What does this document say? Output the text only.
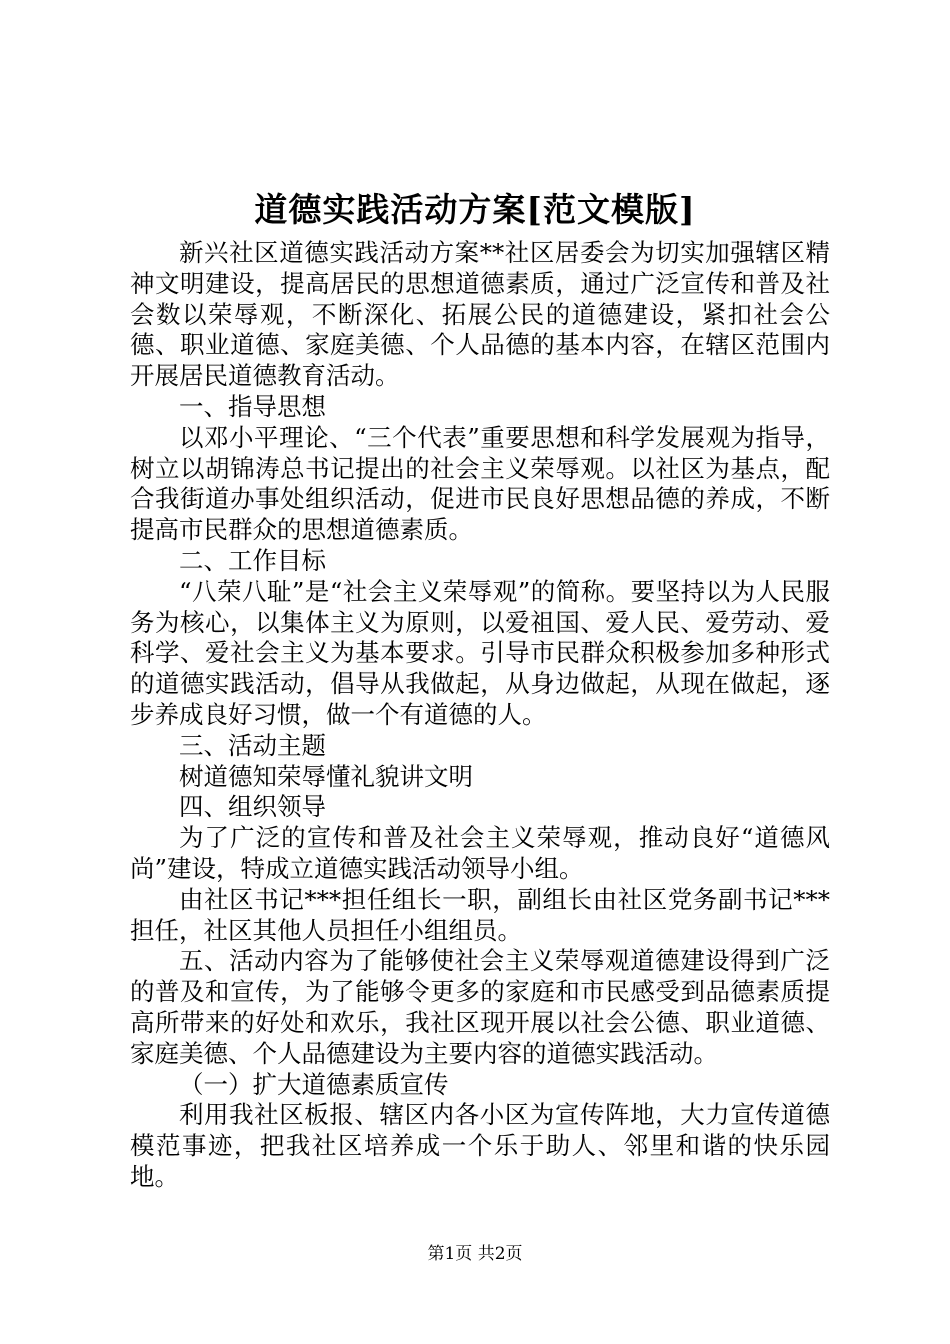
道德实践活动方案[范文模版]

新兴社区道德实践活动方案**社区居委会为切实加强辖区精神文明建设，提高居民的思想道德素质，通过广泛宣传和普及社会数以荣辱观，不断深化、拓展公民的道德建设，紧扣社会公德、职业道德、家庭美德、个人品德的基本内容，在辖区范围内开展居民道德教育活动。

一、指导思想

以邓小平理论、“三个代表”重要思想和科学发展观为指导，树立以胡锦涛总书记提出的社会主义荣辱观。以社区为基点，配合我街道办事处组织活动，促进市民良好思想品德的养成，不断提高市民群众的思想道德素质。

二、工作目标

“八荣八耻”是“社会主义荣辱观”的简称。要坚持以为人民服务为核心，以集体主义为原则，以爱祖国、爱人民、爱劳动、爱科学、爱社会主义为基本要求。引导市民群众积极参加多种形式的道德实践活动，倡导从我做起，从身边做起，从现在做起，逐步养成良好习惯，做一个有道德的人。

三、活动主题

树道德知荣辱懂礼貌讲文明

四、组织领导

为了广泛的宣传和普及社会主义荣辱观，推动良好“道德风尚”建设，特成立道德实践活动领导小组。

由社区书记***担任组长一职，副组长由社区党务副书记***担任，社区其他人员担任小组组员。

五、活动内容为了能够使社会主义荣辱观道德建设得到广泛的普及和宣传，为了能够令更多的家庭和市民感受到品德素质提高所带来的好处和欢乐，我社区现开展以社会公德、职业道德、家庭美德、个人品德建设为主要内容的道德实践活动。

（一）扩大道德素质宣传

利用我社区板报、辖区内各小区为宣传阵地，大力宣传道德模范事迹，把我社区培养成一个乐于助人、邻里和谐的快乐园地。

第1页 共2页
